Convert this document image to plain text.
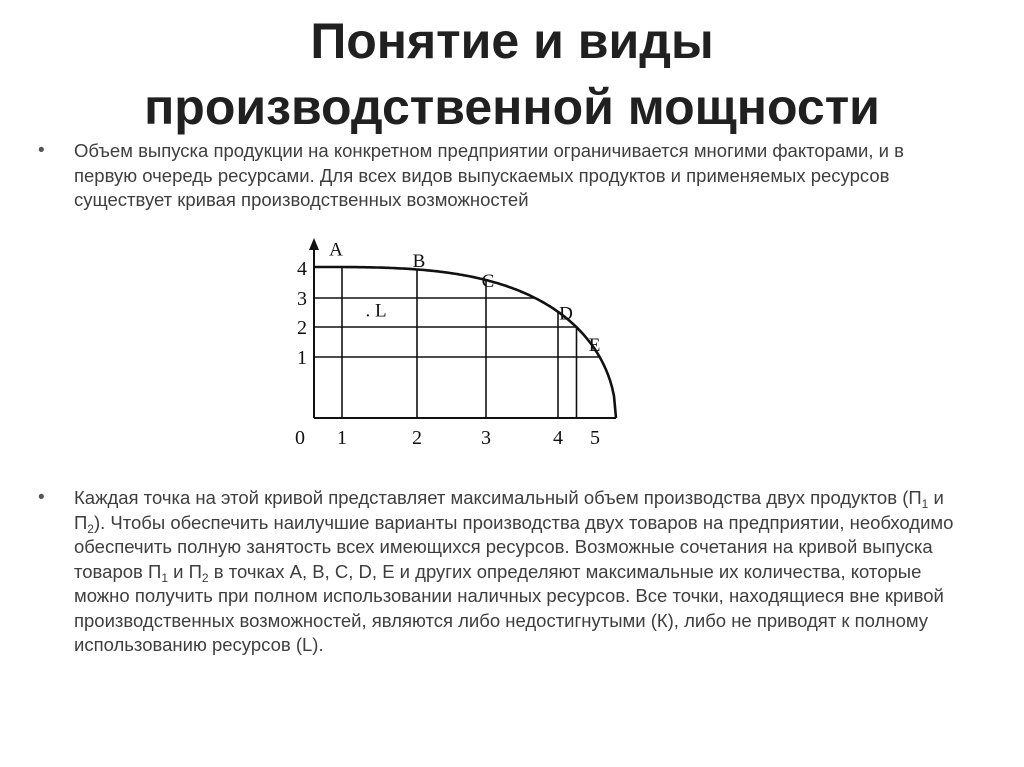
Понятие и виды
производственной мощности
• Объем выпуска продукции на конкретном предприятии ограничивается многими факторами, и в первую очередь ресурсами. Для всех видов выпускаемых продуктов и применяемых ресурсов существует кривая производственных возможностей
0 1	2	3	4 5
1
2
3
4
A
B
C
D
E
. L
• Каждая точка на этой кривой представляет максимальный объем производства двух продуктов ($П_1$ и $П_2$). Чтобы обеспечить наилучшие варианты производства двух товаров на предприятии, необходимо обеспечить полную занятость всех имеющихся ресурсов. Возможные сочетания на кривой выпуска товаров $П_1$ и $П_2$ в точках А, В, С, D, Е и других определяют максимальные их количества, которые можно получить при полном использовании наличных ресурсов. Все точки, находящиеся вне кривой производственных возможностей, являются либо недостигнутыми (К), либо не приводят к полному использованию ресурсов (L).
